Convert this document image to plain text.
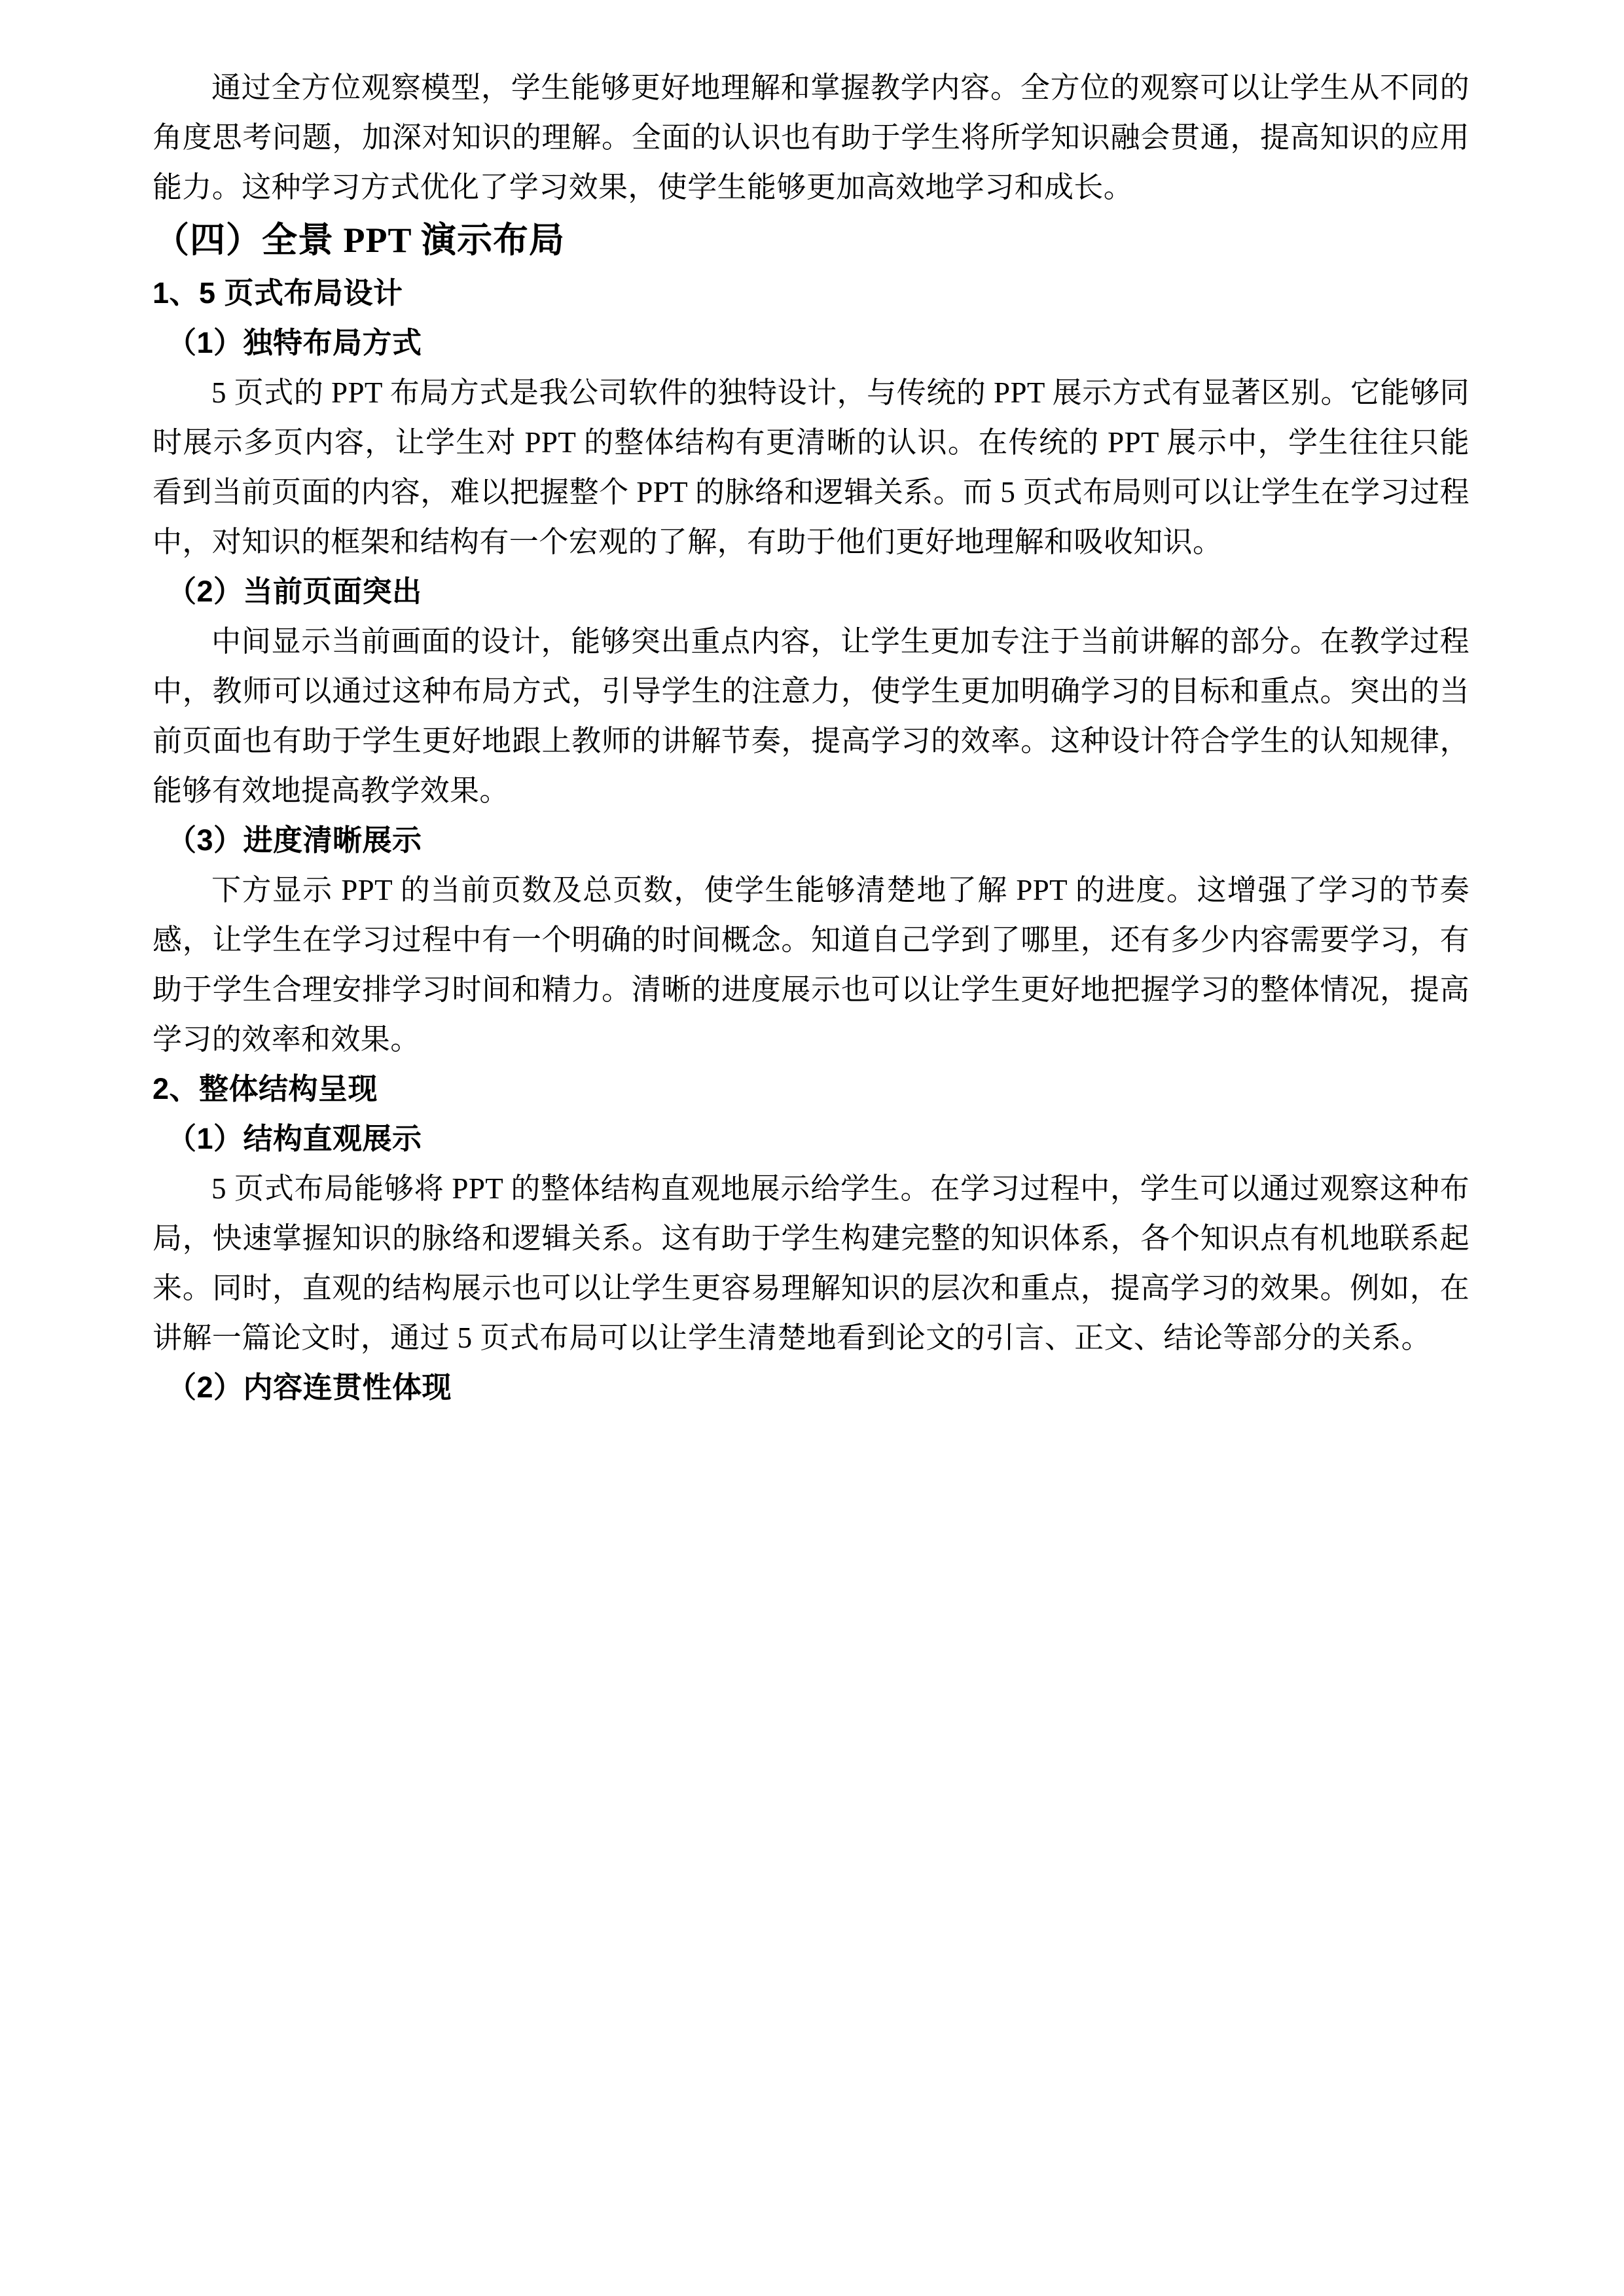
通过全方位观察模型，学生能够更好地理解和掌握教学内容。全方位的观察可以让学生从不同的角度思考问题，加深对知识的理解。全面的认识也有助于学生将所学知识融会贯通，提高知识的应用能力。这种学习方式优化了学习效果，使学生能够更加高效地学习和成长。

（四）全景 PPT 演示布局
1、5 页式布局设计
（1）独特布局方式

5 页式的 PPT 布局方式是我公司软件的独特设计，与传统的 PPT 展示方式有显著区别。它能够同时展示多页内容，让学生对 PPT 的整体结构有更清晰的认识。在传统的 PPT 展示中，学生往往只能看到当前页面的内容，难以把握整个 PPT 的脉络和逻辑关系。而 5 页式布局则可以让学生在学习过程中，对知识的框架和结构有一个宏观的了解，有助于他们更好地理解和吸收知识。

（2）当前页面突出

中间显示当前画面的设计，能够突出重点内容，让学生更加专注于当前讲解的部分。在教学过程中，教师可以通过这种布局方式，引导学生的注意力，使学生更加明确学习的目标和重点。突出的当前页面也有助于学生更好地跟上教师的讲解节奏，提高学习的效率。这种设计符合学生的认知规律，能够有效地提高教学效果。

（3）进度清晰展示

下方显示 PPT 的当前页数及总页数，使学生能够清楚地了解 PPT 的进度。这增强了学习的节奏感，让学生在学习过程中有一个明确的时间概念。知道自己学到了哪里，还有多少内容需要学习，有助于学生合理安排学习时间和精力。清晰的进度展示也可以让学生更好地把握学习的整体情况，提高学习的效率和效果。

2、整体结构呈现
（1）结构直观展示

5 页式布局能够将 PPT 的整体结构直观地展示给学生。在学习过程中，学生可以通过观察这种布局，快速掌握知识的脉络和逻辑关系。这有助于学生构建完整的知识体系，各个知识点有机地联系起来。同时，直观的结构展示也可以让学生更容易理解知识的层次和重点，提高学习的效果。例如，在讲解一篇论文时，通过 5 页式布局可以让学生清楚地看到论文的引言、正文、结论等部分的关系。

（2）内容连贯性体现
